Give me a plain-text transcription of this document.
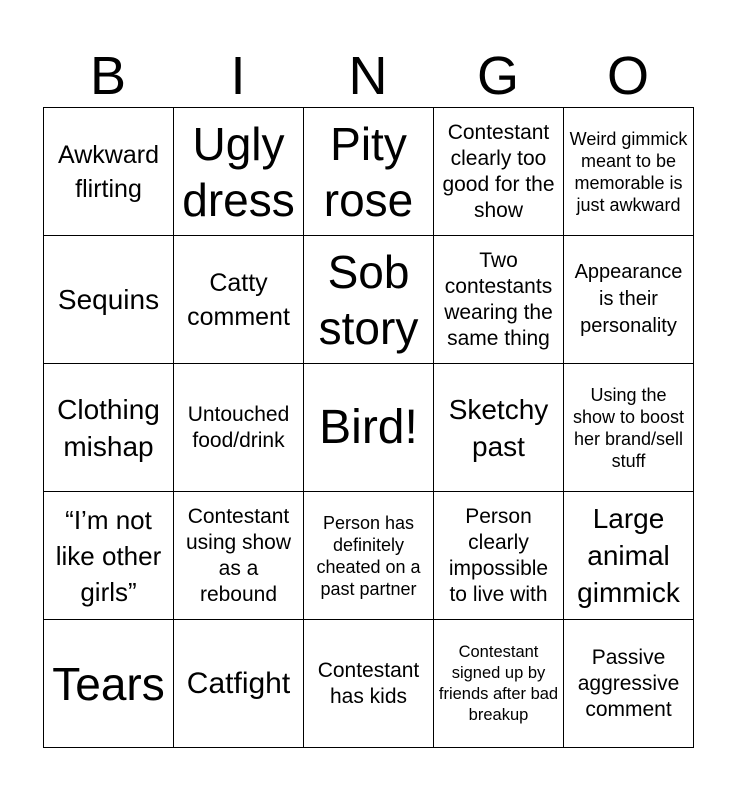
B	I	N	G	O
Awkward flirting	Ugly dress	Pity rose	Contestant clearly too good for the show	Weird gimmick meant to be memorable is just awkward
Sequins	Catty comment	Sob story	Two contestants wearing the same thing	Appearance is their personality
Clothing mishap	Untouched food/drink	Bird!	Sketchy past	Using the show to boost her brand/sell stuff
“I’m not like other girls”	Contestant using show as a rebound	Person has definitely cheated on a past partner	Person clearly impossible to live with	Large animal gimmick
Tears	Catfight	Contestant has kids	Contestant signed up by friends after bad breakup	Passive aggressive comment
